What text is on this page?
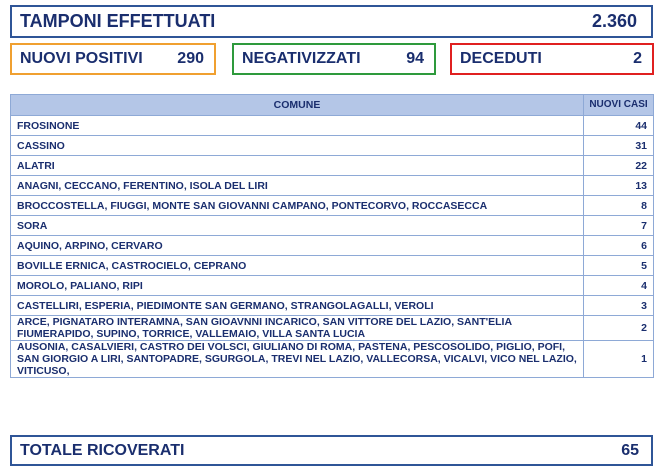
TAMPONI EFFETTUATI	2.360
NUOVI POSITIVI 290 NEGATIVIZZATI	94 DECEDUTI	2
COMUNE	NUOVI CASI
FROSINONE	44
CASSINO	31
ALATRI	22
ANAGNI, CECCANO, FERENTINO, ISOLA DEL LIRI	13
BROCCOSTELLA, FIUGGI, MONTE SAN GIOVANNI CAMPANO, PONTECORVO, ROCCASECCA	8
SORA	7
AQUINO, ARPINO, CERVARO	6
BOVILLE ERNICA, CASTROCIELO, CEPRANO	5
MOROLO, PALIANO, RIPI	4
CASTELLIRI, ESPERIA, PIEDIMONTE SAN GERMANO, STRANGOLAGALLI, VEROLI	3
ARCE, PIGNATARO INTERAMNA, SAN GIOAVNNI INCARICO, SAN VITTORE DEL LAZIO, SANT'ELIA FIUMERAPIDO, SUPINO, TORRICE, VALLEMAIO, VILLA SANTA LUCIA	2
AUSONIA, CASALVIERI, CASTRO DEI VOLSCI, GIULIANO DI ROMA, PASTENA, PESCOSOLIDO, PIGLIO, POFI, SAN GIORGIO A LIRI, SANTOPADRE, SGURGOLA, TREVI NEL LAZIO, VALLECORSA, VICALVI, VICO NEL LAZIO, VITICUSO,	1
TOTALE RICOVERATI	65
